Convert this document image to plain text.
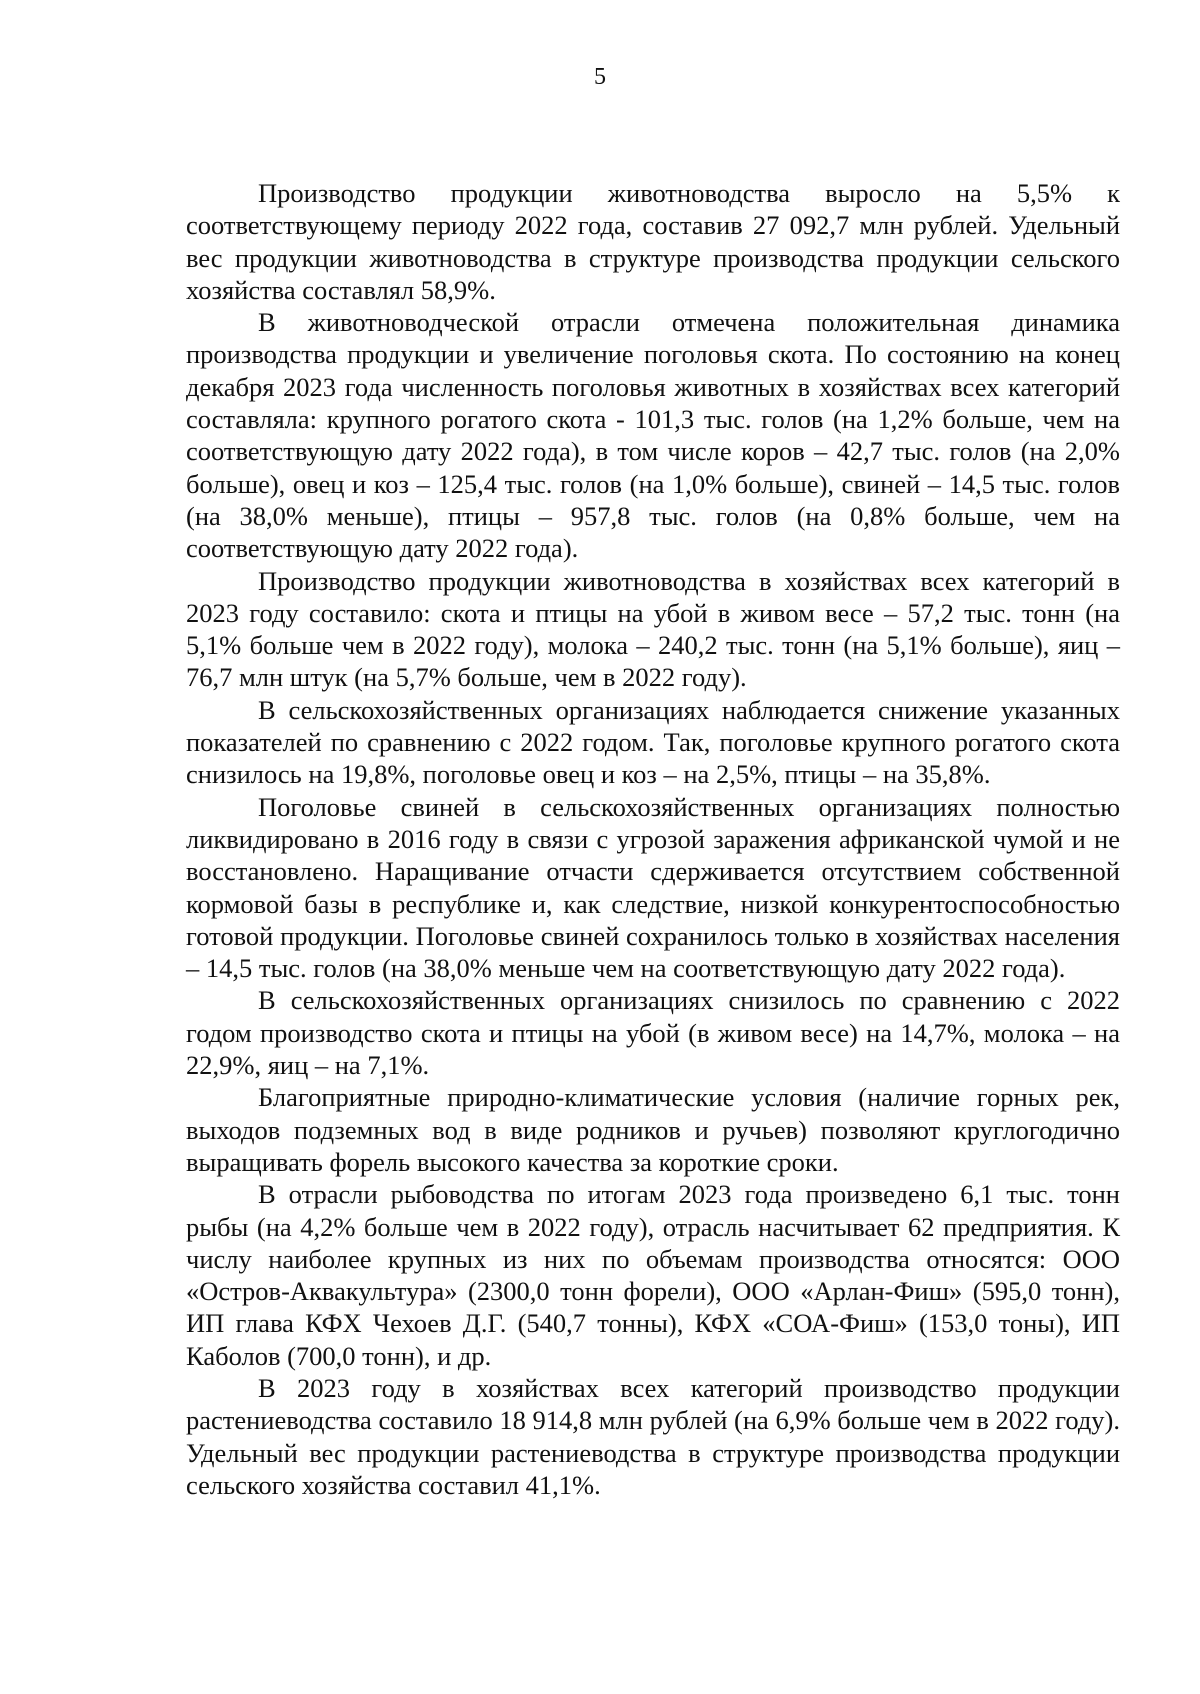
5

Производство продукции животноводства выросло на 5,5% к соответствующему периоду 2022 года, составив 27 092,7 млн рублей. Удельный вес продукции животноводства в структуре производства продукции сельского хозяйства составлял 58,9%.

В животноводческой отрасли отмечена положительная динамика производства продукции и увеличение поголовья скота. По состоянию на конец декабря 2023 года численность поголовья животных в хозяйствах всех категорий составляла: крупного рогатого скота - 101,3 тыс. голов (на 1,2% больше, чем на соответствующую дату 2022 года), в том числе коров – 42,7 тыс. голов (на 2,0% больше), овец и коз – 125,4 тыс. голов (на 1,0% больше), свиней – 14,5 тыс. голов (на 38,0% меньше), птицы – 957,8 тыс. голов (на 0,8% больше, чем на соответствующую дату 2022 года).

Производство продукции животноводства в хозяйствах всех категорий в 2023 году составило: скота и птицы на убой в живом весе – 57,2 тыс. тонн (на 5,1% больше чем в 2022 году), молока – 240,2 тыс. тонн (на 5,1% больше), яиц – 76,7 млн штук (на 5,7% больше, чем в 2022 году).

В сельскохозяйственных организациях наблюдается снижение указанных показателей по сравнению с 2022 годом. Так, поголовье крупного рогатого скота снизилось на 19,8%, поголовье овец и коз – на 2,5%, птицы – на 35,8%.

Поголовье свиней в сельскохозяйственных организациях полностью ликвидировано в 2016 году в связи с угрозой заражения африканской чумой и не восстановлено. Наращивание отчасти сдерживается отсутствием собственной кормовой базы в республике и, как следствие, низкой конкурентоспособностью готовой продукции. Поголовье свиней сохранилось только в хозяйствах населения – 14,5 тыс. голов (на 38,0% меньше чем на соответствующую дату 2022 года).

В сельскохозяйственных организациях снизилось по сравнению с 2022 годом производство скота и птицы на убой (в живом весе) на 14,7%, молока – на 22,9%, яиц – на 7,1%.

Благоприятные природно-климатические условия (наличие горных рек, выходов подземных вод в виде родников и ручьев) позволяют круглогодично выращивать форель высокого качества за короткие сроки.

В отрасли рыбоводства по итогам 2023 года произведено 6,1 тыс. тонн рыбы (на 4,2% больше чем в 2022 году), отрасль насчитывает 62 предприятия. К числу наиболее крупных из них по объемам производства относятся: ООО «Остров-Аквакультура» (2300,0 тонн форели), ООО «Арлан-Фиш» (595,0 тонн), ИП глава КФХ Чехоев Д.Г. (540,7 тонны), КФХ «СОА-Фиш» (153,0 тоны), ИП Каболов (700,0 тонн), и др.

В 2023 году в хозяйствах всех категорий производство продукции растениеводства составило 18 914,8 млн рублей (на 6,9% больше чем в 2022 году). Удельный вес продукции растениеводства в структуре производства продукции сельского хозяйства составил 41,1%.
